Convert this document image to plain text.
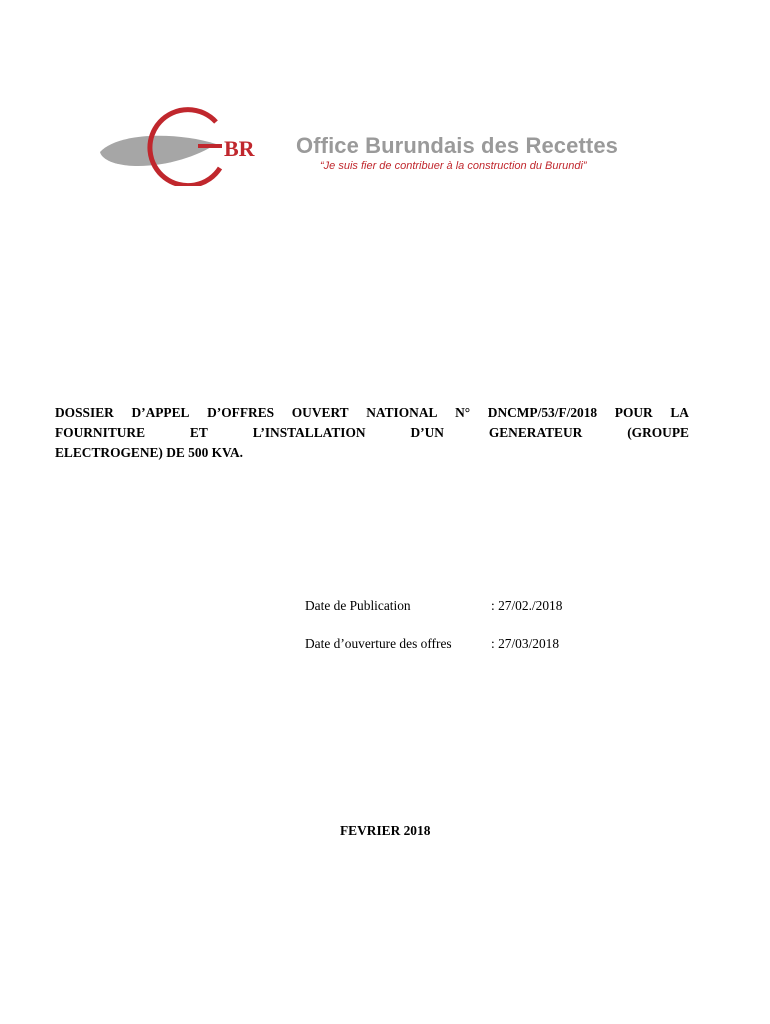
BR Office Burundais des Recettes
“Je suis fier de contribuer à la construction du Burundi”
DOSSIER D’APPEL D’OFFRES OUVERT NATIONAL N° DNCMP/53/F/2018 POUR LA
FOURNITURE	ET	L’INSTALLATION	D’UN	GENERATEUR	(GROUPE
ELECTROGENE) DE 500 KVA.
Date de Publication	: 27/02./2018
Date d’ouverture des offres	: 27/03/2018
FEVRIER 2018
